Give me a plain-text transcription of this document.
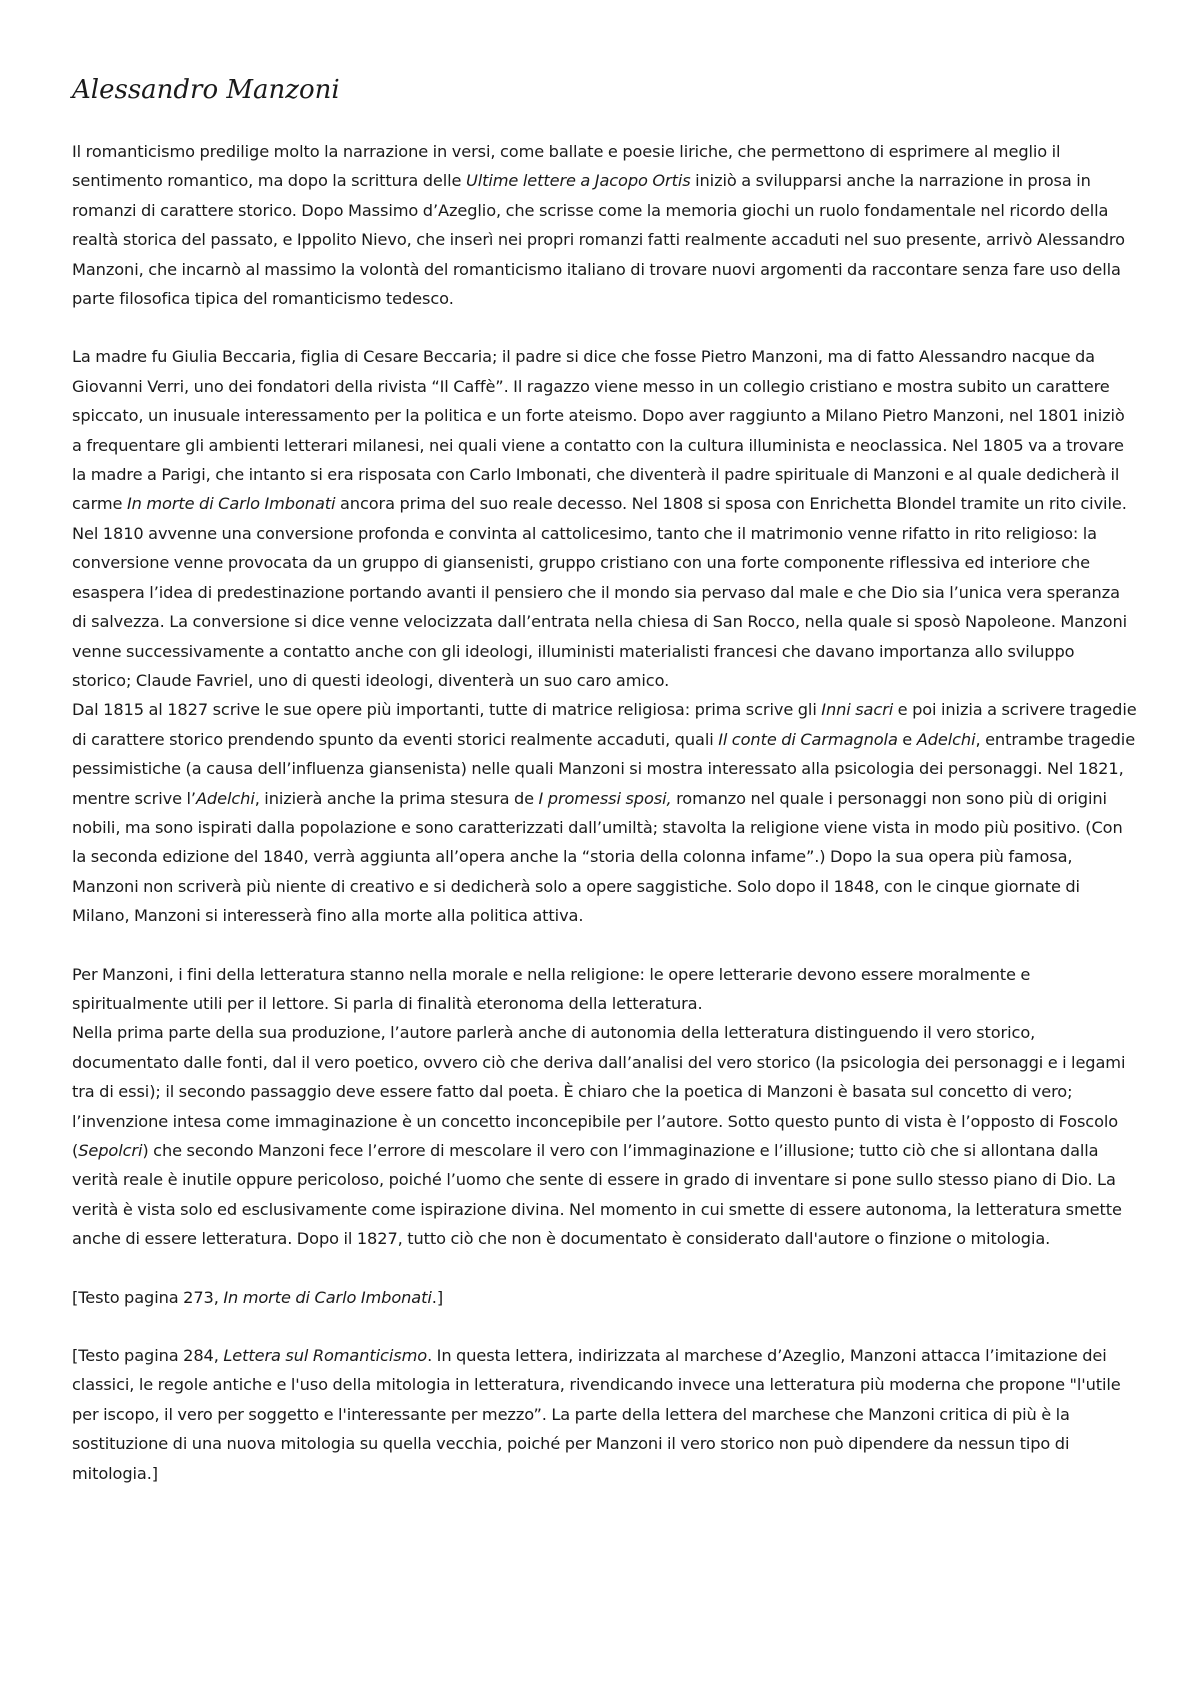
Alessandro Manzoni

Il romanticismo predilige molto la narrazione in versi, come ballate e poesie liriche, che permettono di esprimere al meglio il sentimento romantico, ma dopo la scrittura delle Ultime lettere a Jacopo Ortis iniziò a svilupparsi anche la narrazione in prosa in romanzi di carattere storico. Dopo Massimo d’Azeglio, che scrisse come la memoria giochi un ruolo fondamentale nel ricordo della realtà storica del passato, e Ippolito Nievo, che inserì nei propri romanzi fatti realmente accaduti nel suo presente, arrivò Alessandro Manzoni, che incarnò al massimo la volontà del romanticismo italiano di trovare nuovi argomenti da raccontare senza fare uso della parte filosofica tipica del romanticismo tedesco.

La madre fu Giulia Beccaria, figlia di Cesare Beccaria; il padre si dice che fosse Pietro Manzoni, ma di fatto Alessandro nacque da Giovanni Verri, uno dei fondatori della rivista “Il Caffè”. Il ragazzo viene messo in un collegio cristiano e mostra subito un carattere spiccato, un inusuale interessamento per la politica e un forte ateismo. Dopo aver raggiunto a Milano Pietro Manzoni, nel 1801 iniziò a frequentare gli ambienti letterari milanesi, nei quali viene a contatto con la cultura illuminista e neoclassica. Nel 1805 va a trovare la madre a Parigi, che intanto si era risposata con Carlo Imbonati, che diventerà il padre spirituale di Manzoni e al quale dedicherà il carme In morte di Carlo Imbonati ancora prima del suo reale decesso. Nel 1808 si sposa con Enrichetta Blondel tramite un rito civile. Nel 1810 avvenne una conversione profonda e convinta al cattolicesimo, tanto che il matrimonio venne rifatto in rito religioso: la conversione venne provocata da un gruppo di giansenisti, gruppo cristiano con una forte componente riflessiva ed interiore che esaspera l’idea di predestinazione portando avanti il pensiero che il mondo sia pervaso dal male e che Dio sia l’unica vera speranza di salvezza. La conversione si dice venne velocizzata dall’entrata nella chiesa di San Rocco, nella quale si sposò Napoleone. Manzoni venne successivamente a contatto anche con gli ideologi, illuministi materialisti francesi che davano importanza allo sviluppo storico; Claude Favriel, uno di questi ideologi, diventerà un suo caro amico.

Dal 1815 al 1827 scrive le sue opere più importanti, tutte di matrice religiosa: prima scrive gli Inni sacri e poi inizia a scrivere tragedie di carattere storico prendendo spunto da eventi storici realmente accaduti, quali Il conte di Carmagnola e Adelchi, entrambe tragedie pessimistiche (a causa dell’influenza giansenista) nelle quali Manzoni si mostra interessato alla psicologia dei personaggi. Nel 1821, mentre scrive l’Adelchi, inizierà anche la prima stesura de I promessi sposi, romanzo nel quale i personaggi non sono più di origini nobili, ma sono ispirati dalla popolazione e sono caratterizzati dall’umiltà; stavolta la religione viene vista in modo più positivo. (Con la seconda edizione del 1840, verrà aggiunta all’opera anche la “storia della colonna infame”.) Dopo la sua opera più famosa, Manzoni non scriverà più niente di creativo e si dedicherà solo a opere saggistiche. Solo dopo il 1848, con le cinque giornate di Milano, Manzoni si interesserà fino alla morte alla politica attiva.

Per Manzoni, i fini della letteratura stanno nella morale e nella religione: le opere letterarie devono essere moralmente e spiritualmente utili per il lettore. Si parla di finalità eteronoma della letteratura.

Nella prima parte della sua produzione, l’autore parlerà anche di autonomia della letteratura distinguendo il vero storico, documentato dalle fonti, dal il vero poetico, ovvero ciò che deriva dall’analisi del vero storico (la psicologia dei personaggi e i legami tra di essi); il secondo passaggio deve essere fatto dal poeta. È chiaro che la poetica di Manzoni è basata sul concetto di vero; l’invenzione intesa come immaginazione è un concetto inconcepibile per l’autore. Sotto questo punto di vista è l’opposto di Foscolo (Sepolcri) che secondo Manzoni fece l’errore di mescolare il vero con l’immaginazione e l’illusione; tutto ciò che si allontana dalla verità reale è inutile oppure pericoloso, poiché l’uomo che sente di essere in grado di inventare si pone sullo stesso piano di Dio. La verità è vista solo ed esclusivamente come ispirazione divina. Nel momento in cui smette di essere autonoma, la letteratura smette anche di essere letteratura. Dopo il 1827, tutto ciò che non è documentato è considerato dall'autore o finzione o mitologia.

[Testo pagina 273, In morte di Carlo Imbonati.]

[Testo pagina 284, Lettera sul Romanticismo. In questa lettera, indirizzata al marchese d’Azeglio, Manzoni attacca l’imitazione dei classici, le regole antiche e l'uso della mitologia in letteratura, rivendicando invece una letteratura più moderna che propone "l'utile per iscopo, il vero per soggetto e l'interessante per mezzo”. La parte della lettera del marchese che Manzoni critica di più è la sostituzione di una nuova mitologia su quella vecchia, poiché per Manzoni il vero storico non può dipendere da nessun tipo di mitologia.]
